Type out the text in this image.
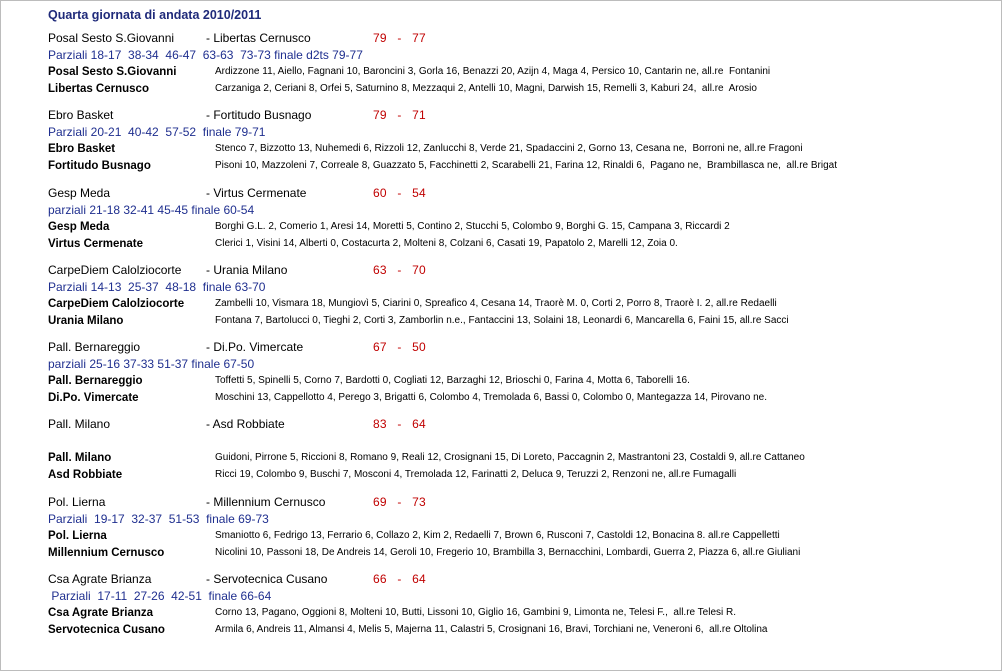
Quarta giornata di andata 2010/2011
Posal Sesto S.Giovanni	- Libertas Cernusco	79   -   77
Parziali 18-17  38-34  46-47  63-63  73-73 finale d2ts 79-77
Posal Sesto S.Giovanni	Ardizzone 11, Aiello, Fagnani 10, Baroncini 3, Gorla 16, Benazzi 20, Azijn 4, Maga 4, Persico 10, Cantarin ne, all.re  Fontanini
Libertas Cernusco	Carzaniga 2, Ceriani 8, Orfei 5, Saturnino 8, Mezzaqui 2, Antelli 10, Magni, Darwish 15, Remelli 3, Kaburi 24,  all.re  Arosio
Ebro Basket	- Fortitudo Busnago	79   -   71
Parziali 20-21  40-42  57-52  finale 79-71
Ebro Basket	Stenco 7, Bizzotto 13, Nuhemedi 6, Rizzoli 12, Zanlucchi 8, Verde 21, Spadaccini 2, Gorno 13, Cesana ne,  Borroni ne, all.re Fragoni
Fortitudo Busnago	Pisoni 10, Mazzoleni 7, Correale 8, Guazzato 5, Facchinetti 2, Scarabelli 21, Farina 12, Rinaldi 6,  Pagano ne,  Brambillasca ne,  all.re Brigat
Gesp Meda	- Virtus Cermenate	60   -   54
parziali 21-18 32-41 45-45 finale 60-54
Gesp Meda	Borghi G.L. 2, Comerio 1, Aresi 14, Moretti 5, Contino 2, Stucchi 5, Colombo 9, Borghi G. 15, Campana 3, Riccardi 2
Virtus Cermenate	Clerici 1, Visini 14, Alberti 0, Costacurta 2, Molteni 8, Colzani 6, Casati 19, Papatolo 2, Marelli 12, Zoia 0.
CarpeDiem Calolziocorte - Urania Milano	63   -   70
Parziali 14-13  25-37  48-18  finale 63-70
CarpeDiem Calolziocorte	Zambelli 10, Vismara 18, Mungiovì 5, Ciarini 0, Spreafico 4, Cesana 14, Traorè M. 0, Corti 2, Porro 8, Traorè I. 2, all.re Redaelli
Urania Milano	Fontana 7, Bartolucci 0, Tieghi 2, Corti 3, Zamborlin n.e., Fantaccini 13, Solaini 18, Leonardi 6, Mancarella 6, Faini 15, all.re Sacci
Pall. Bernareggio	- Di.Po. Vimercate	67   -   50
parziali 25-16 37-33 51-37 finale 67-50
Pall. Bernareggio	Toffetti 5, Spinelli 5, Corno 7, Bardotti 0, Cogliati 12, Barzaghi 12, Brioschi 0, Farina 4, Motta 6, Taborelli 16.
Di.Po. Vimercate	Moschini 13, Cappellotto 4, Perego 3, Brigatti 6, Colombo 4, Tremolada 6, Bassi 0, Colombo 0, Mantegazza 14, Pirovano ne.
Pall. Milano	- Asd Robbiate	83   -   64
Pall. Milano	Guidoni, Pirrone 5, Riccioni 8, Romano 9, Reali 12, Crosignani 15, Di Loreto, Paccagnin 2, Mastrantoni 23, Costaldi 9, all.re Cattaneo
Asd Robbiate	Ricci 19, Colombo 9, Buschi 7, Mosconi 4, Tremolada 12, Farinatti 2, Deluca 9, Teruzzi 2, Renzoni ne, all.re Fumagalli
Pol. Lierna	- Millennium Cernusco	69   -   73
Parziali  19-17  32-37  51-53  finale 69-73
Pol. Lierna	Smaniotto 6, Fedrigo 13, Ferrario 6, Collazo 2, Kim 2, Redaelli 7, Brown 6, Rusconi 7, Castoldi 12, Bonacina 8. all.re Cappelletti
Millennium Cernusco	Nicolini 10, Passoni 18, De Andreis 14, Geroli 10, Fregerio 10, Brambilla 3, Bernacchini, Lombardi, Guerra 2, Piazza 6, all.re Giuliani
Csa Agrate Brianza	- Servotecnica Cusano	66   -   64
Parziali  17-11  27-26  42-51  finale 66-64
Csa Agrate Brianza	Corno 13, Pagano, Oggioni 8, Molteni 10, Butti, Lissoni 10, Giglio 16, Gambini 9, Limonta ne, Telesi F.,  all.re Telesi R.
Servotecnica Cusano	Armila 6, Andreis 11, Almansi 4, Melis 5, Majerna 11, Calastri 5, Crosignani 16, Bravi, Torchiani ne, Veneroni 6,  all.re Oltolina
